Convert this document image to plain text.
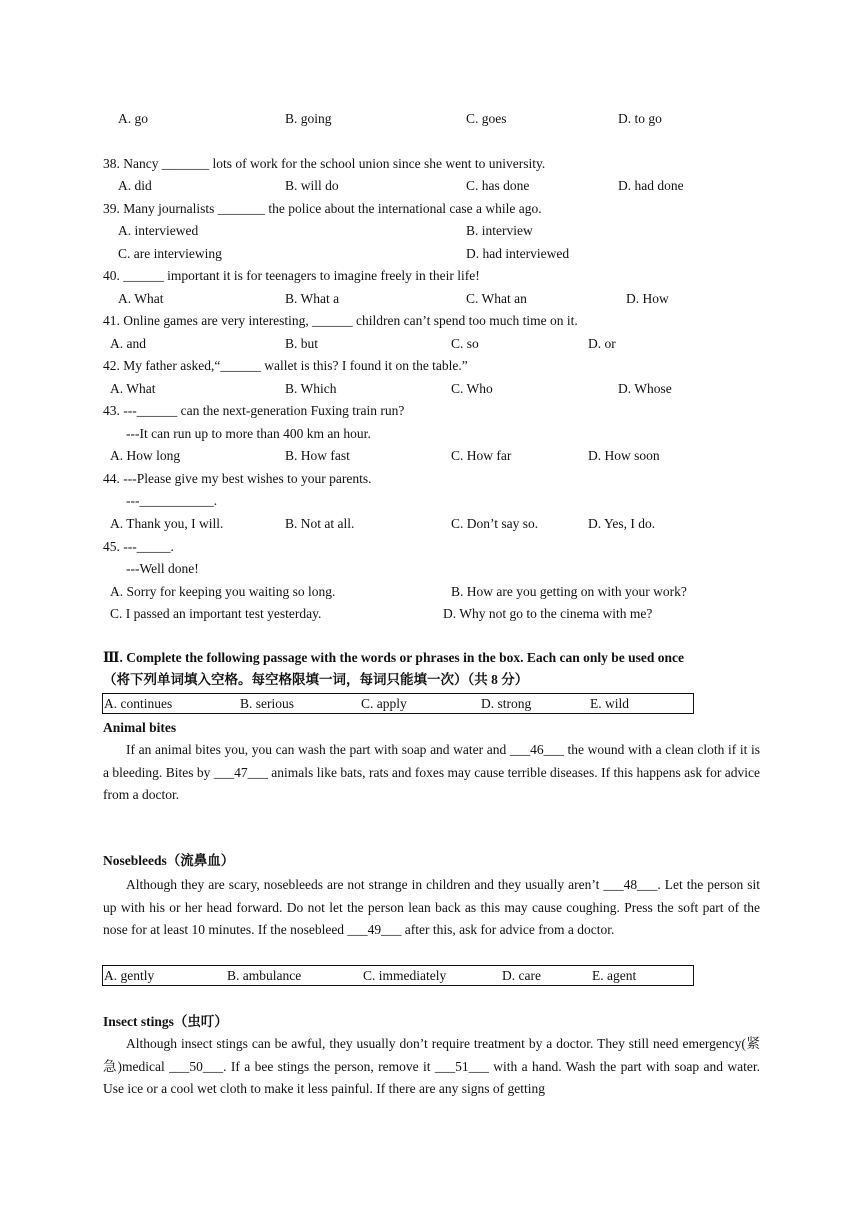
A. go	B. going	C. goes	D. to go
38. Nancy _______ lots of work for the school union since she went to university.
A. did	B. will do	C. has done	D. had done
39. Many journalists _______ the police about the international case a while ago.
A. interviewed	B. interview
C. are interviewing	D. had interviewed
40. ______ important it is for teenagers to imagine freely in their life!
A. What	B. What a	C. What an	D. How
41. Online games are very interesting, ______ children can’t spend too much time on it.
A. and	B. but	C. so	D. or
42. My father asked,“______ wallet is this? I found it on the table.”
A. What	B. Which	C. Who	D. Whose
43. ---______ can the next-generation Fuxing train run?
---It can run up to more than 400 km an hour.
A. How long	B. How fast	C. How far	D. How soon
44. ---Please give my best wishes to your parents.
---___________.
A. Thank you, I will.	B. Not at all.	C. Don’t say so.	D. Yes, I do.
45. ---_____.
---Well done!
A. Sorry for keeping you waiting so long.	B. How are you getting on with your work?
C. I passed an important test yesterday.	D. Why not go to the cinema with me?
Ⅲ. Complete the following passage with the words or phrases in the box. Each can only be used once
（将下列单词填入空格。每空格限填一词，每词只能填一次）（共 8 分）
A. continues	B. serious	C. apply	D. strong	E. wild
Animal bites
If an animal bites you, you can wash the part with soap and water and ___46___ the wound with a clean cloth if it is a bleeding. Bites by ___47___ animals like bats, rats and foxes may cause terrible diseases. If this happens ask for advice from a doctor.
Nosebleeds（流鼻血）
Although they are scary, nosebleeds are not strange in children and they usually aren’t ___48___. Let the person sit up with his or her head forward. Do not let the person lean back as this may cause coughing. Press the soft part of the nose for at least 10 minutes. If the nosebleed ___49___ after this, ask for advice from a doctor.
A. gently	B. ambulance	C. immediately	D. care	E. agent
Insect stings（虫叮）
Although insect stings can be awful, they usually don’t require treatment by a doctor. They still need emergency(紧急)medical ___50___. If a bee stings the person, remove it ___51___ with a hand. Wash the part with soap and water. Use ice or a cool wet cloth to make it less painful. If there are any signs of getting
